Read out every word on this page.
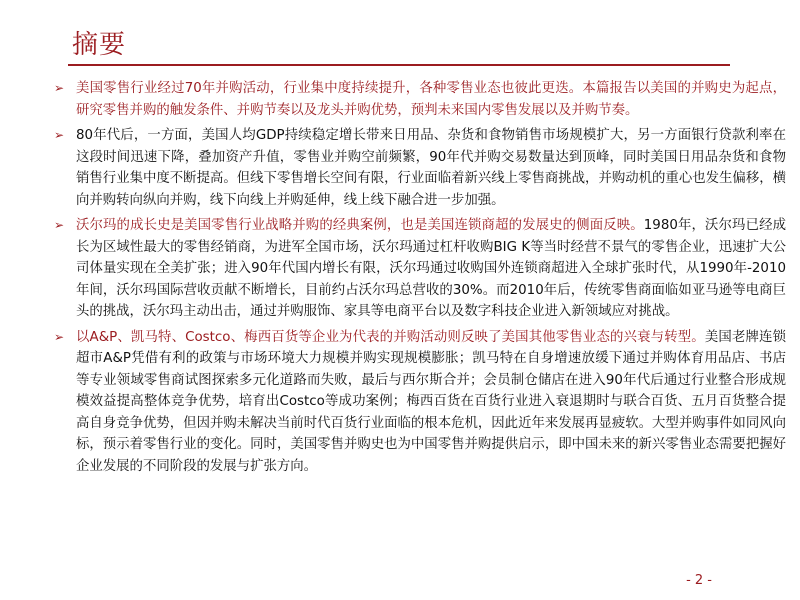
摘要
➢ 美国零售行业经过70年并购活动，行业集中度持续提升，各种零售业态也彼此更迭。本篇报告以美国的并购史为起点，研究零售并购的触发条件、并购节奏以及龙头并购优势，预判未来国内零售发展以及并购节奏。
➢ 80年代后，一方面，美国人均GDP持续稳定增长带来日用品、杂货和食物销售市场规模扩大，另一方面银行贷款利率在这段时间迅速下降，叠加资产升值，零售业并购空前频繁，90年代并购交易数量达到顶峰，同时美国日用品杂货和食物销售行业集中度不断提高。但线下零售增长空间有限，行业面临着新兴线上零售商挑战，并购动机的重心也发生偏移，横向并购转向纵向并购，线下向线上并购延伸，线上线下融合进一步加强。
➢ 沃尔玛的成长史是美国零售行业战略并购的经典案例，也是美国连锁商超的发展史的侧面反映。1980年，沃尔玛已经成长为区域性最大的零售经销商，为进军全国市场，沃尔玛通过杠杆收购BIG K等当时经营不景气的零售企业，迅速扩大公司体量实现在全美扩张；进入90年代国内增长有限，沃尔玛通过收购国外连锁商超进入全球扩张时代，从1990年-2010年间，沃尔玛国际营收贡献不断增长，目前约占沃尔玛总营收的30%。而2010年后，传统零售商面临如亚马逊等电商巨头的挑战，沃尔玛主动出击，通过并购服饰、家具等电商平台以及数字科技企业进入新领域应对挑战。
➢ 以A&P、凯马特、Costco、梅西百货等企业为代表的并购活动则反映了美国其他零售业态的兴衰与转型。美国老牌连锁超市A&P凭借有利的政策与市场环境大力规模并购实现规模膨胀；凯马特在自身增速放缓下通过并购体育用品店、书店等专业领域零售商试图探索多元化道路而失败，最后与西尔斯合并；会员制仓储店在进入90年代后通过行业整合形成规模效益提高整体竞争优势，培育出Costco等成功案例；梅西百货在百货行业进入衰退期时与联合百货、五月百货整合提高自身竞争优势，但因并购未解决当前时代百货行业面临的根本危机，因此近年来发展再显疲软。大型并购事件如同风向标，预示着零售行业的变化。同时，美国零售并购史也为中国零售并购提供启示，即中国未来的新兴零售业态需要把握好企业发展的不同阶段的发展与扩张方向。
- 2 -
